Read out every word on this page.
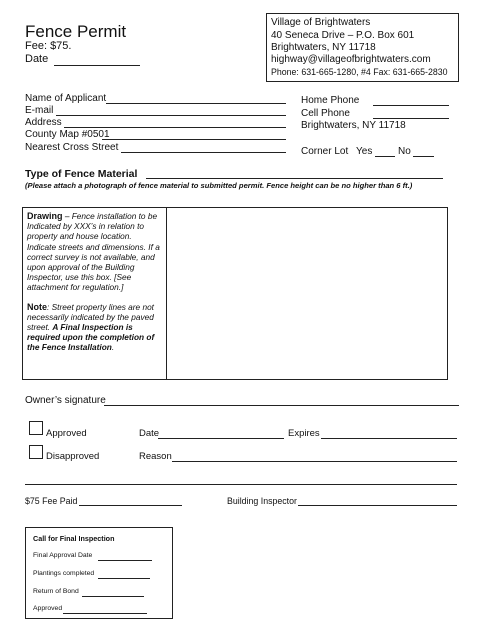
Fence Permit
Fee: $75.
Date
Village of Brightwaters
40 Seneca Drive – P.O. Box 601
Brightwaters, NY 11718
highway@villageofbrightwaters.com
Phone: 631-665-1280, #4 Fax: 631-665-2830
Name of Applicant
E-mail
Address
County Map #0501
Nearest Cross Street
Home Phone
Cell Phone
Brightwaters, NY 11718
Corner Lot Yes	No
Type of Fence Material
(Please attach a photograph of fence material to submitted permit. Fence height can be no higher than 6 ft.)
Drawing – Fence installation to be Indicated by XXX’s in relation to property and house location. Indicate streets and dimensions. If a correct survey is not available, and upon approval of the Building Inspector, use this box. [See attachment for regulation.]
Note: Street property lines are not necessarily indicated by the paved street. A Final Inspection is required upon the completion of the Fence Installation.
Owner’s signature
Approved	Date	Expires
Disapproved	Reason
$75 Fee Paid	Building Inspector
Call for Final Inspection
Final Approval Date
Plantings completed
Return of Bond
Approved
